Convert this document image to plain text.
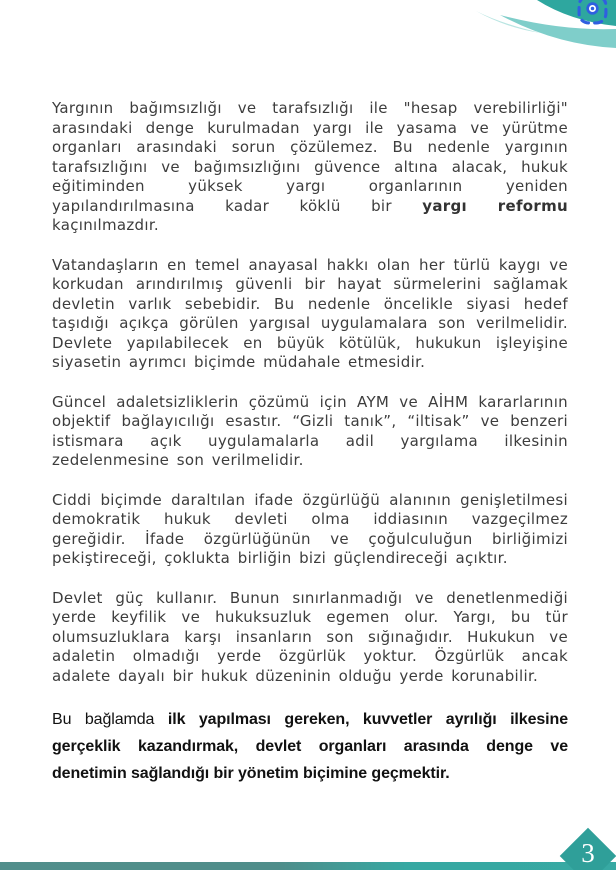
Yargının bağımsızlığı ve tarafsızlığı ile "hesap verebilirliği" arasındaki denge kurulmadan yargı ile yasama ve yürütme organları arasındaki sorun çözülemez. Bu nedenle yargının tarafsızlığını ve bağımsızlığını güvence altına alacak, hukuk eğitiminden yüksek yargı organlarının yeniden yapılandırılmasına kadar köklü bir yargı reformu kaçınılmazdır.

Vatandaşların en temel anayasal hakkı olan her türlü kaygı ve korkudan arındırılmış güvenli bir hayat sürmelerini sağlamak devletin varlık sebebidir. Bu nedenle öncelikle siyasi hedef taşıdığı açıkça görülen yargısal uygulamalara son verilmelidir. Devlete yapılabilecek en büyük kötülük, hukukun işleyişine siyasetin ayrımcı biçimde müdahale etmesidir.

Güncel adaletsizliklerin çözümü için AYM ve AİHM kararlarının objektif bağlayıcılığı esastır. “Gizli tanık”, “iltisak” ve benzeri istismara açık uygulamalarla adil yargılama ilkesinin zedelenmesine son verilmelidir.

Ciddi biçimde daraltılan ifade özgürlüğü alanının genişletilmesi demokratik hukuk devleti olma iddiasının vazgeçilmez gereğidir. İfade özgürlüğünün ve çoğulculuğun birliğimizi pekiştireceği, çoklukta birliğin bizi güçlendireceği açıktır.

Devlet güç kullanır. Bunun sınırlanmadığı ve denetlenmediği yerde keyfilik ve hukuksuzluk egemen olur. Yargı, bu tür olumsuzluklara karşı insanların son sığınağıdır. Hukukun ve adaletin olmadığı yerde özgürlük yoktur. Özgürlük ancak adalete dayalı bir hukuk düzeninin olduğu yerde korunabilir.

Bu bağlamda ilk yapılması gereken, kuvvetler ayrılığı ilkesine gerçeklik kazandırmak, devlet organları arasında denge ve denetimin sağlandığı bir yönetim biçimine geçmektir.

3
